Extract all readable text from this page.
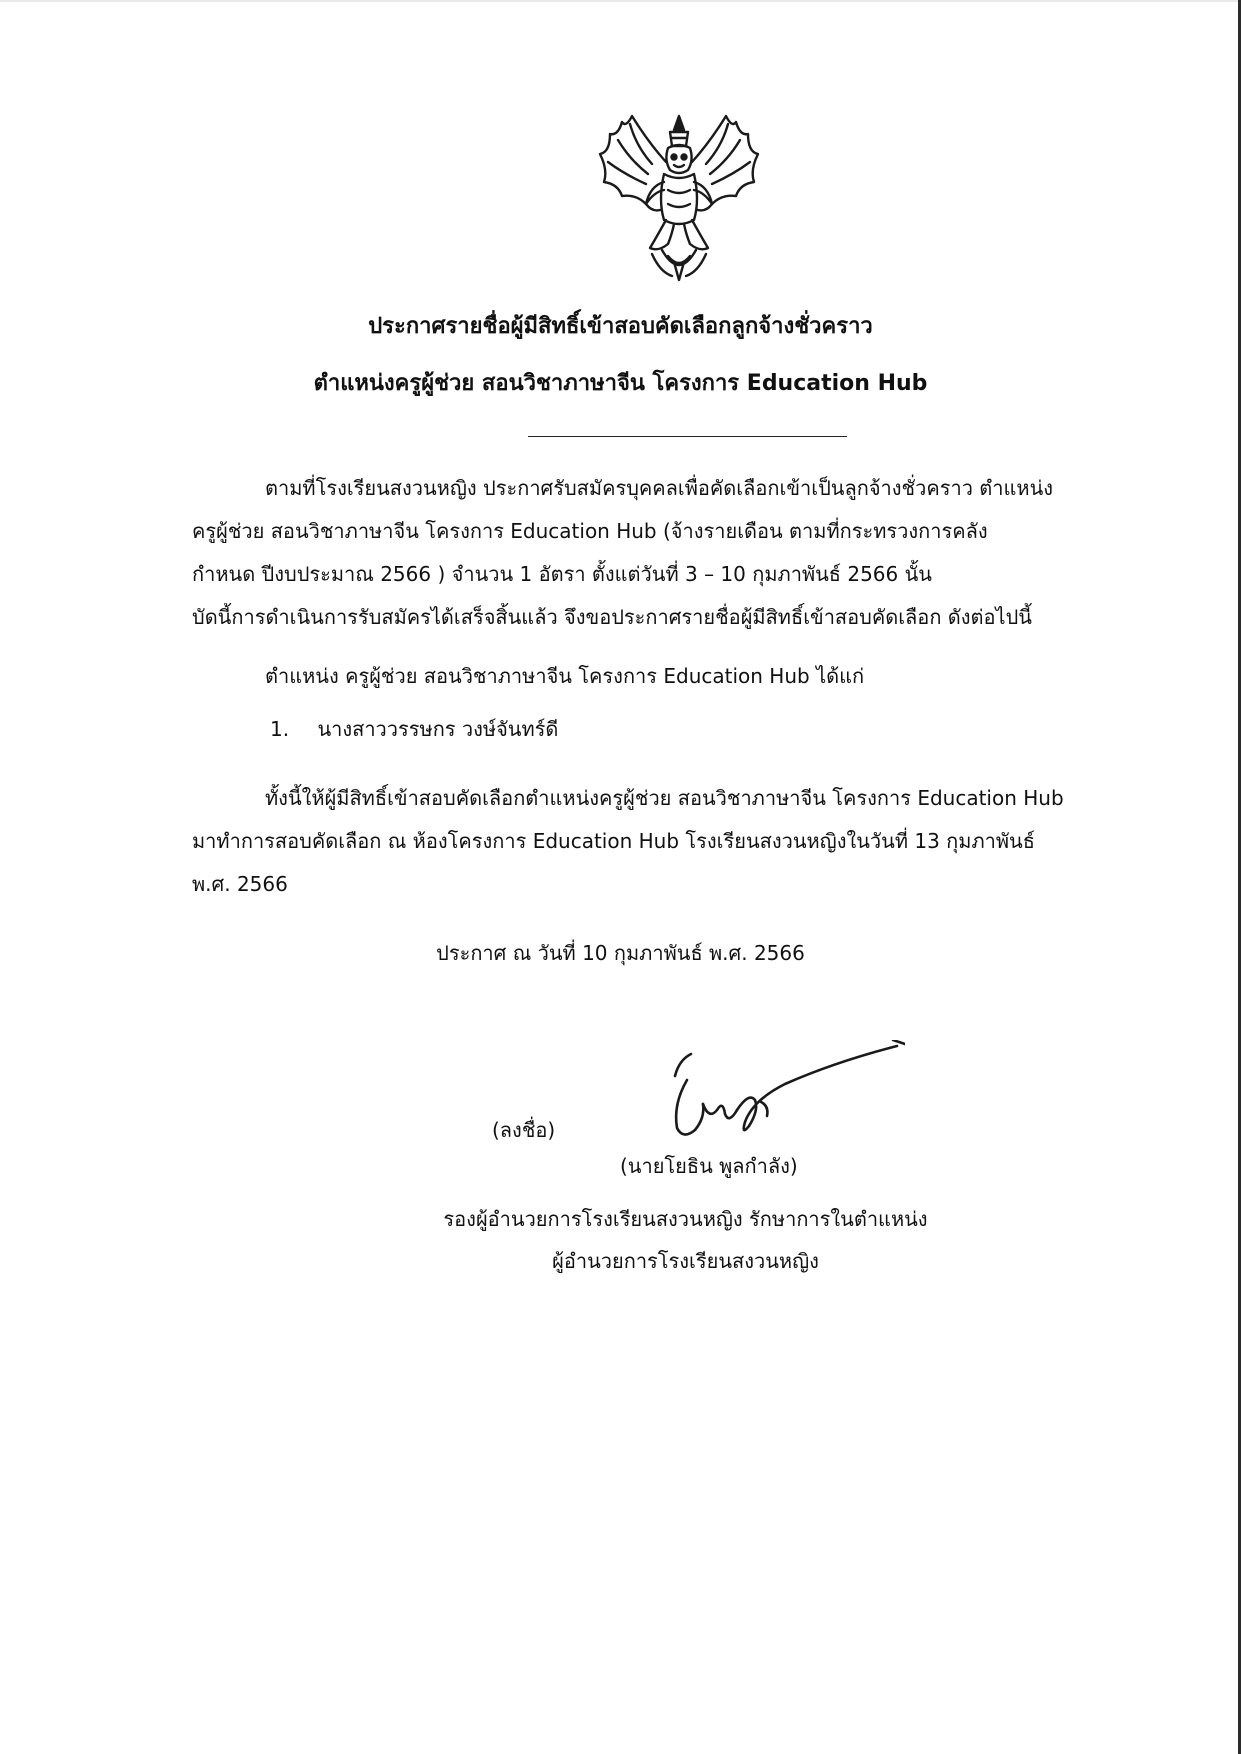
ประกาศรายชื่อผู้มีสิทธิ์เข้าสอบคัดเลือกลูกจ้างชั่วคราว
ตำแหน่งครูผู้ช่วย สอนวิชาภาษาจีน โครงการ Education Hub
ตามที่โรงเรียนสงวนหญิง ประกาศรับสมัครบุคคลเพื่อคัดเลือกเข้าเป็นลูกจ้างชั่วคราว ตำแหน่ง
ครูผู้ช่วย สอนวิชาภาษาจีน โครงการ Education Hub (จ้างรายเดือน ตามที่กระทรวงการคลัง
กำหนด ปีงบประมาณ 2566 ) จำนวน 1 อัตรา ตั้งแต่วันที่ 3 – 10 กุมภาพันธ์ 2566 นั้น
บัดนี้การดำเนินการรับสมัครได้เสร็จสิ้นแล้ว จึงขอประกาศรายชื่อผู้มีสิทธิ์เข้าสอบคัดเลือก ดังต่อไปนี้
ตำแหน่ง ครูผู้ช่วย สอนวิชาภาษาจีน โครงการ Education Hub ได้แก่
1. นางสาววรรษกร วงษ์จันทร์ดี
ทั้งนี้ให้ผู้มีสิทธิ์เข้าสอบคัดเลือกตำแหน่งครูผู้ช่วย สอนวิชาภาษาจีน โครงการ Education Hub
มาทำการสอบคัดเลือก ณ ห้องโครงการ Education Hub โรงเรียนสงวนหญิงในวันที่ 13 กุมภาพันธ์
พ.ศ. 2566
ประกาศ ณ วันที่ 10 กุมภาพันธ์ พ.ศ. 2566
(ลงชื่อ)
(นายโยธิน พูลกำลัง)
รองผู้อำนวยการโรงเรียนสงวนหญิง รักษาการในตำแหน่ง
ผู้อำนวยการโรงเรียนสงวนหญิง
